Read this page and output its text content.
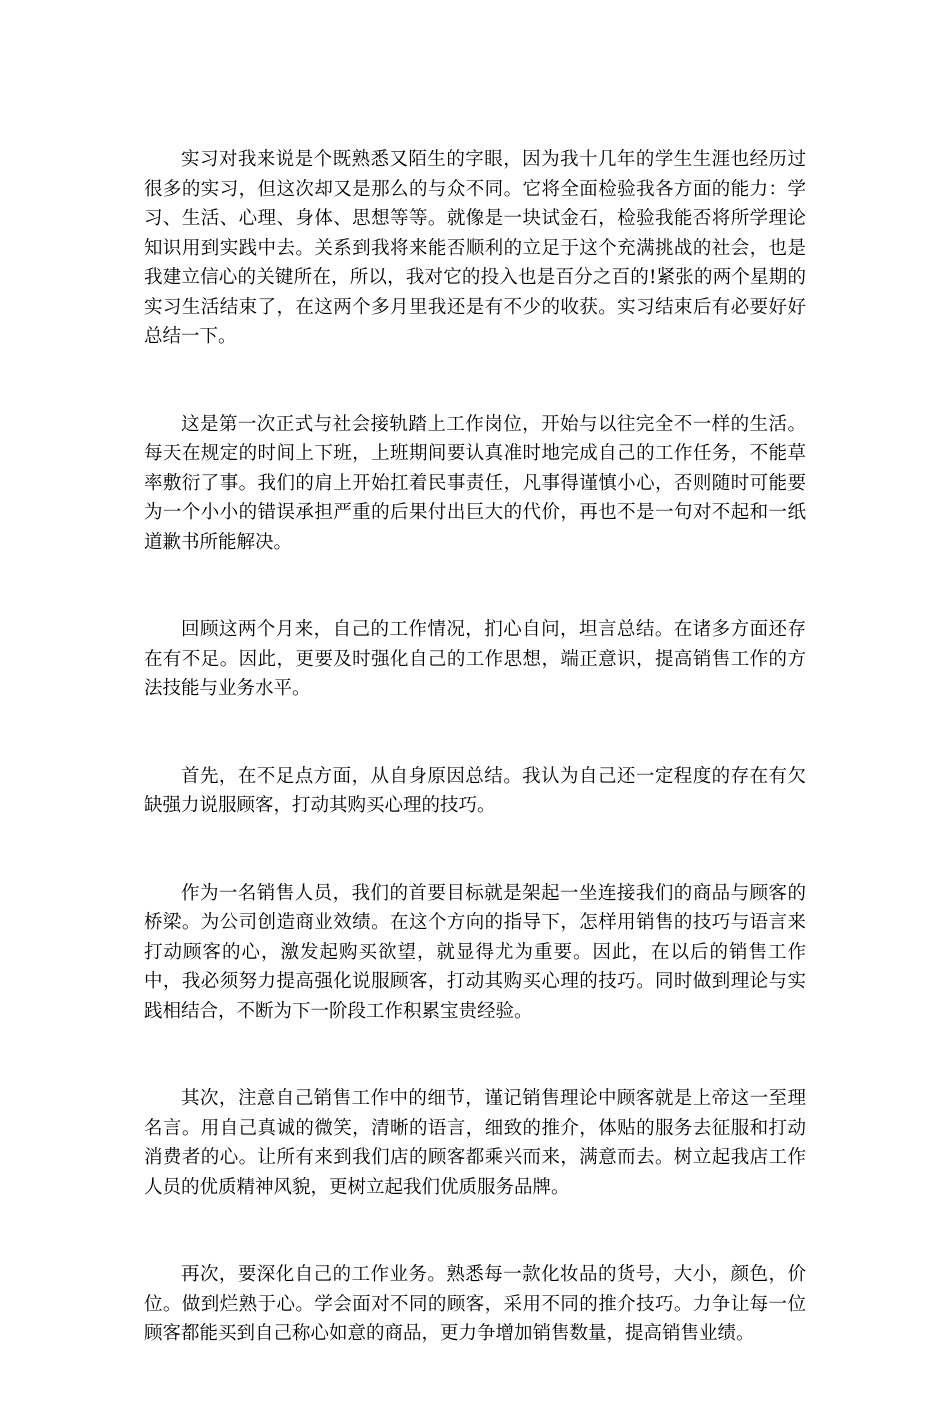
实习对我来说是个既熟悉又陌生的字眼，因为我十几年的学生生涯也经历过很多的实习，但这次却又是那么的与众不同。它将全面检验我各方面的能力：学习、生活、心理、身体、思想等等。就像是一块试金石，检验我能否将所学理论知识用到实践中去。关系到我将来能否顺利的立足于这个充满挑战的社会，也是我建立信心的关键所在，所以，我对它的投入也是百分之百的!紧张的两个星期的实习生活结束了，在这两个多月里我还是有不少的收获。实习结束后有必要好好总结一下。

这是第一次正式与社会接轨踏上工作岗位，开始与以往完全不一样的生活。每天在规定的时间上下班，上班期间要认真准时地完成自己的工作任务，不能草率敷衍了事。我们的肩上开始扛着民事责任，凡事得谨慎小心，否则随时可能要为一个小小的错误承担严重的后果付出巨大的代价，再也不是一句对不起和一纸道歉书所能解决。

回顾这两个月来，自己的工作情况，扪心自问，坦言总结。在诸多方面还存在有不足。因此，更要及时强化自己的工作思想，端正意识，提高销售工作的方法技能与业务水平。

首先，在不足点方面，从自身原因总结。我认为自己还一定程度的存在有欠缺强力说服顾客，打动其购买心理的技巧。

作为一名销售人员，我们的首要目标就是架起一坐连接我们的商品与顾客的桥梁。为公司创造商业效绩。在这个方向的指导下，怎样用销售的技巧与语言来打动顾客的心，激发起购买欲望，就显得尤为重要。因此，在以后的销售工作中，我必须努力提高强化说服顾客，打动其购买心理的技巧。同时做到理论与实践相结合，不断为下一阶段工作积累宝贵经验。

其次，注意自己销售工作中的细节，谨记销售理论中顾客就是上帝这一至理名言。用自己真诚的微笑，清晰的语言，细致的推介，体贴的服务去征服和打动消费者的心。让所有来到我们店的顾客都乘兴而来，满意而去。树立起我店工作人员的优质精神风貌，更树立起我们优质服务品牌。

再次，要深化自己的工作业务。熟悉每一款化妆品的货号，大小，颜色，价位。做到烂熟于心。学会面对不同的顾客，采用不同的推介技巧。力争让每一位顾客都能买到自己称心如意的商品，更力争增加销售数量，提高销售业绩。
